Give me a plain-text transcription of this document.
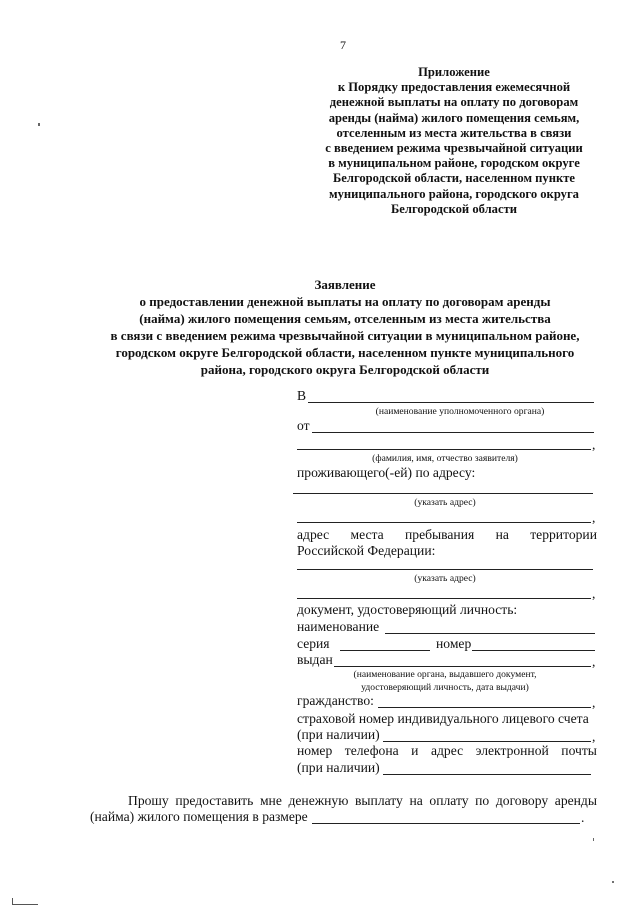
7
Приложение
к Порядку предоставления ежемесячной
денежной выплаты на оплату по договорам
аренды (найма) жилого помещения семьям,
отселенным из места жительства в связи
с введением режима чрезвычайной ситуации
в муниципальном районе, городском округе
Белгородской области, населенном пункте
муниципального района, городского округа
Белгородской области
Заявление
о предоставлении денежной выплаты на оплату по договорам аренды
(найма) жилого помещения семьям, отселенным из места жительства
в связи с введением режима чрезвычайной ситуации в муниципальном районе,
городском округе Белгородской области, населенном пункте муниципального
района, городского округа Белгородской области
В
(наименование уполномоченного органа)
от
,
(фамилия, имя, отчество заявителя)
проживающего(-ей) по адресу:
(указать адрес)
,
адрес места пребывания на территории
Российской Федерации:
(указать адрес)
,
документ, удостоверяющий личность:
наименование
серия	номер
выдан	,
(наименование органа, выдавшего документ,
удостоверяющий личность, дата выдачи)
гражданство:	,
страховой номер индивидуального лицевого счета
(при наличии)	,
номер телефона и адрес электронной почты
(при наличии)
Прошу предоставить мне денежную выплату на оплату по договору аренды
(найма) жилого помещения в размере	.
